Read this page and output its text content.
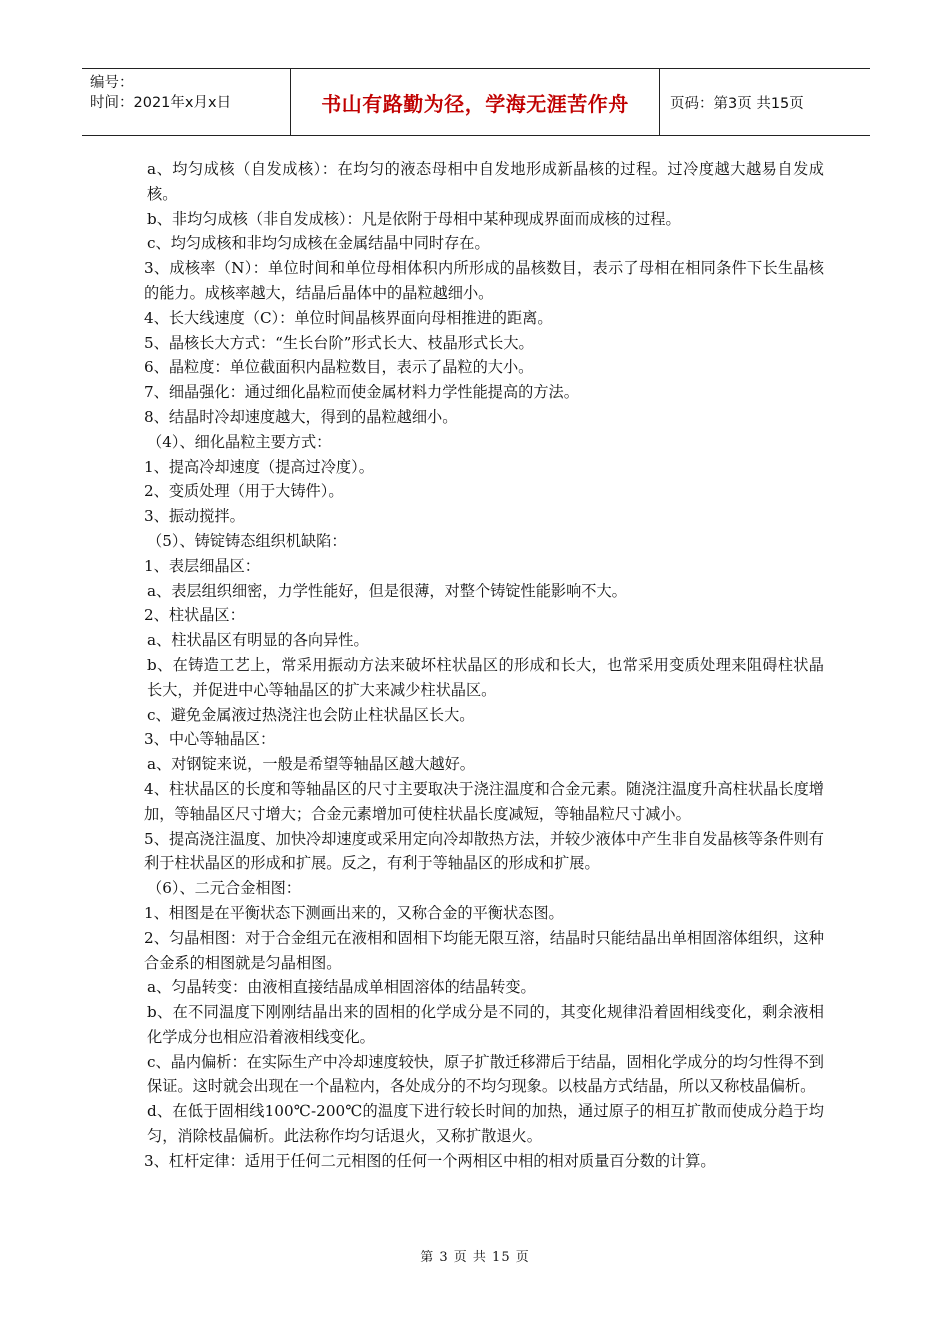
编号：
时间：2021年x月x日	书山有路勤为径，学海无涯苦作舟	页码：第3页 共15页

a、均匀成核（自发成核）：在均匀的液态母相中自发地形成新晶核的过程。过冷度越大越易自发成核。

b、非均匀成核（非自发成核）：凡是依附于母相中某种现成界面而成核的过程。

c、均匀成核和非均匀成核在金属结晶中同时存在。

3、成核率（N）：单位时间和单位母相体积内所形成的晶核数目，表示了母相在相同条件下长生晶核的能力。成核率越大，结晶后晶体中的晶粒越细小。

4、长大线速度（C）：单位时间晶核界面向母相推进的距离。

5、晶核长大方式：“生长台阶”形式长大、枝晶形式长大。

6、晶粒度：单位截面积内晶粒数目，表示了晶粒的大小。

7、细晶强化：通过细化晶粒而使金属材料力学性能提高的方法。

8、结晶时冷却速度越大，得到的晶粒越细小。

（4）、细化晶粒主要方式：

1、提高冷却速度（提高过冷度）。

2、变质处理（用于大铸件）。

3、振动搅拌。

（5）、铸锭铸态组织机缺陷：

1、表层细晶区：

a、表层组织细密，力学性能好，但是很薄，对整个铸锭性能影响不大。

2、柱状晶区：

a、柱状晶区有明显的各向异性。

b、在铸造工艺上，常采用振动方法来破坏柱状晶区的形成和长大，也常采用变质处理来阻碍柱状晶长大，并促进中心等轴晶区的扩大来减少柱状晶区。

c、避免金属液过热浇注也会防止柱状晶区长大。

3、中心等轴晶区：

a、对钢锭来说，一般是希望等轴晶区越大越好。

4、柱状晶区的长度和等轴晶区的尺寸主要取决于浇注温度和合金元素。随浇注温度升高柱状晶长度增加，等轴晶区尺寸增大；合金元素增加可使柱状晶长度减短，等轴晶粒尺寸减小。

5、提高浇注温度、加快冷却速度或采用定向冷却散热方法，并较少液体中产生非自发晶核等条件则有利于柱状晶区的形成和扩展。反之，有利于等轴晶区的形成和扩展。

（6）、二元合金相图：

1、相图是在平衡状态下测画出来的，又称合金的平衡状态图。

2、匀晶相图：对于合金组元在液相和固相下均能无限互溶，结晶时只能结晶出单相固溶体组织，这种合金系的相图就是匀晶相图。

a、匀晶转变：由液相直接结晶成单相固溶体的结晶转变。

b、在不同温度下刚刚结晶出来的固相的化学成分是不同的，其变化规律沿着固相线变化，剩余液相化学成分也相应沿着液相线变化。

c、晶内偏析：在实际生产中冷却速度较快，原子扩散迁移滞后于结晶，固相化学成分的均匀性得不到保证。这时就会出现在一个晶粒内，各处成分的不均匀现象。以枝晶方式结晶，所以又称枝晶偏析。

d、在低于固相线100℃-200℃的温度下进行较长时间的加热，通过原子的相互扩散而使成分趋于均匀，消除枝晶偏析。此法称作均匀话退火，又称扩散退火。

3、杠杆定律：适用于任何二元相图的任何一个两相区中相的相对质量百分数的计算。

第 3 页 共 15 页
